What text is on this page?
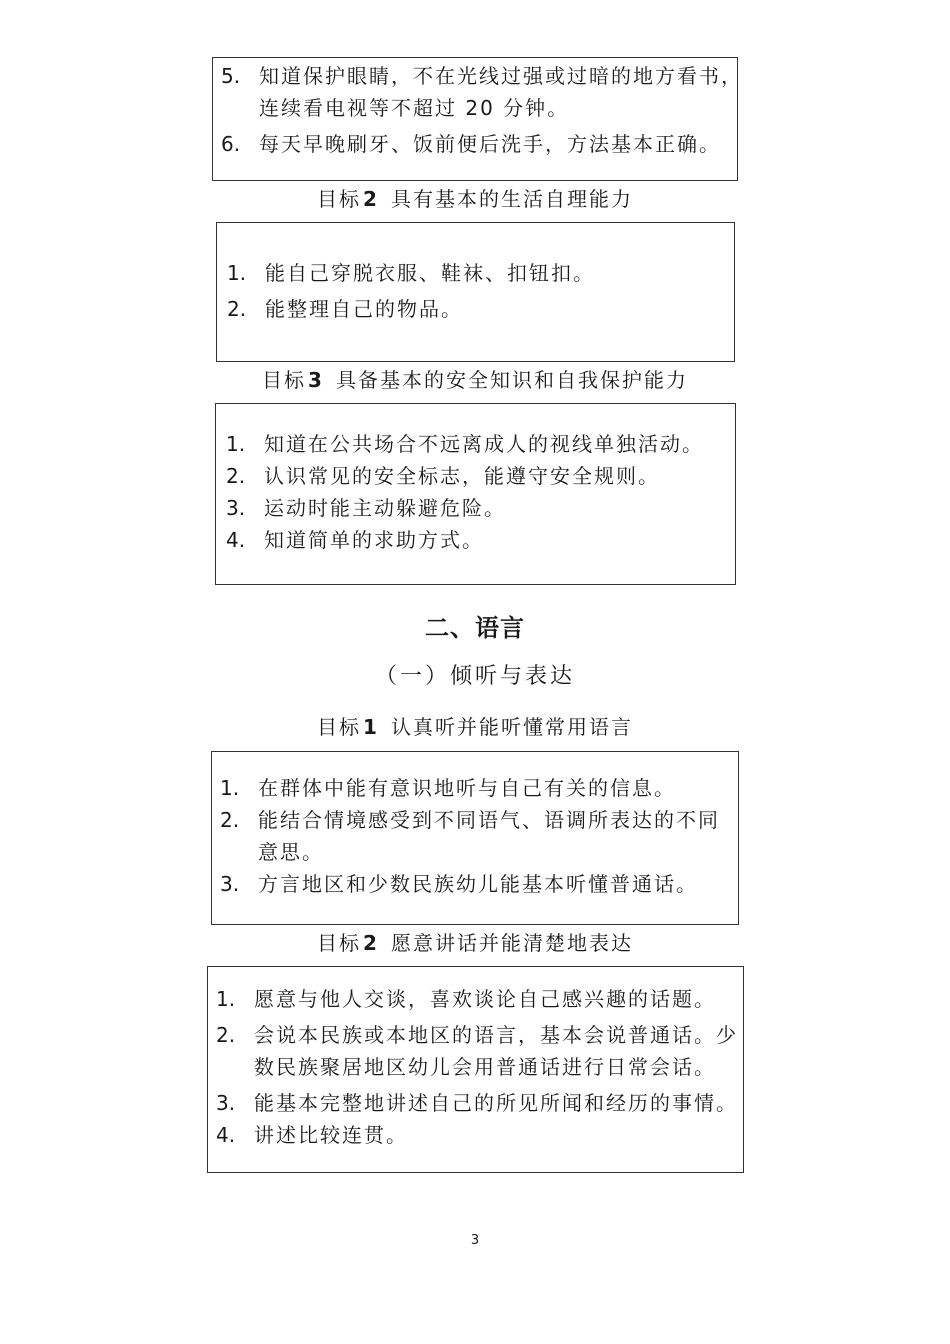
5. 知道保护眼睛，不在光线过强或过暗的地方看书，
连续看电视等不超过 20 分钟。
6. 每天早晚刷牙、饭前便后洗手，方法基本正确。
目标 2 具有基本的生活自理能力
1. 能自己穿脱衣服、鞋袜、扣钮扣。
2. 能整理自己的物品。
目标 3 具备基本的安全知识和自我保护能力
1. 知道在公共场合不远离成人的视线单独活动。
2. 认识常见的安全标志，能遵守安全规则。
3. 运动时能主动躲避危险。
4. 知道简单的求助方式。
二、语言
（一）倾听与表达
目标 1 认真听并能听懂常用语言
1. 在群体中能有意识地听与自己有关的信息。
2. 能结合情境感受到不同语气、语调所表达的不同
意思。
3. 方言地区和少数民族幼儿能基本听懂普通话。
目标 2 愿意讲话并能清楚地表达
1. 愿意与他人交谈，喜欢谈论自己感兴趣的话题。
2. 会说本民族或本地区的语言，基本会说普通话。少
数民族聚居地区幼儿会用普通话进行日常会话。
3. 能基本完整地讲述自己的所见所闻和经历的事情。
4. 讲述比较连贯。
3
